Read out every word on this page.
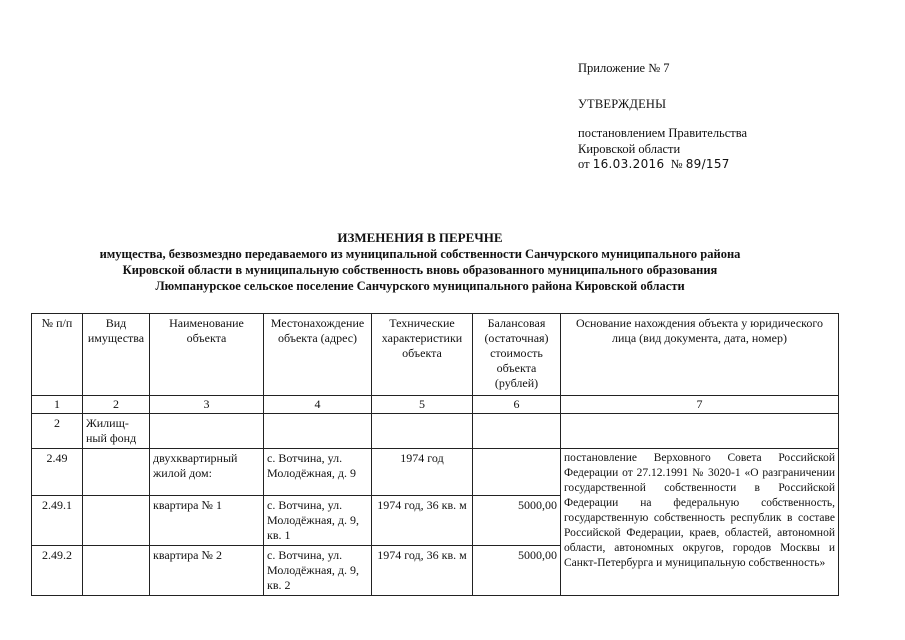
Приложение № 7
УТВЕРЖДЕНЫ
постановлением Правительства
Кировской области
от 16.03.2016 № 89/157
ИЗМЕНЕНИЯ В ПЕРЕЧНЕ
имущества, безвозмездно передаваемого из муниципальной собственности Санчурского муниципального района
Кировской области в муниципальную собственность вновь образованного муниципального образования
Люмпанурское сельское поселение Санчурского муниципального района Кировской области
№ п/п	Вид имущества	Наименование объекта	Местонахождение объекта (адрес)	Технические характеристики объекта	Балансовая (остаточная) стоимость объекта (рублей)	Основание нахождения объекта у юридического лица (вид документа, дата, номер)
1	2	3	4	5	6	7
2	Жилищ-ный фонд					
2.49		двухквартирный жилой дом:	с. Вотчина, ул. Молодёжная, д. 9	1974 год		постановление Верховного Совета Российской Федерации от 27.12.1991 № 3020-1 «О разграничении государственной собственности в Российской Федерации на федеральную собственность, государственную собственность республик в составе Российской Федерации, краев, областей, автономной области, автономных округов, городов Москвы и Санкт-Петербурга и муниципальную собственность»
2.49.1		квартира № 1	с. Вотчина, ул. Молодёжная, д. 9, кв. 1	1974 год, 36 кв. м	5000,00	
2.49.2		квартира № 2	с. Вотчина, ул. Молодёжная, д. 9, кв. 2	1974 год, 36 кв. м	5000,00	
